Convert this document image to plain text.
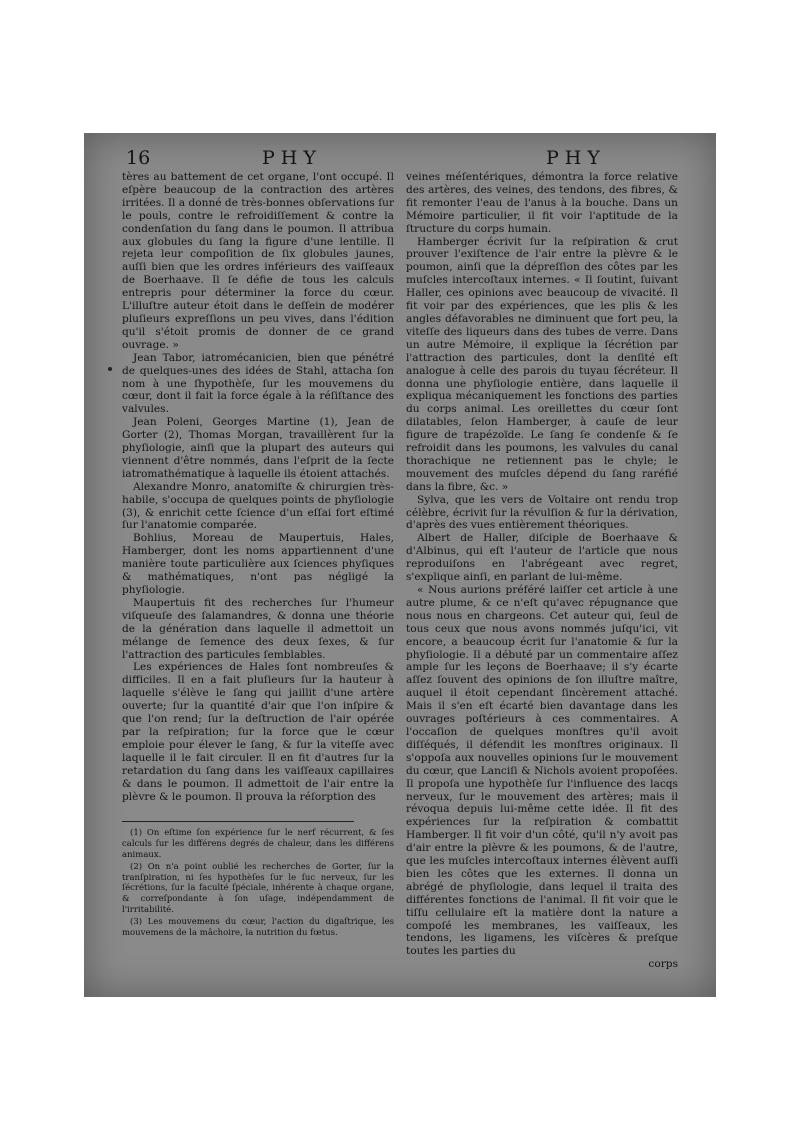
16	PHY	PHY

tères au battement de cet organe, l'ont occupé. Il eſpère beaucoup de la contraction des artères irritées. Il a donné de très-bonnes obſervations ſur le pouls, contre le refroidiſſement & contre la condenſation du ſang dans le poumon. Il attribua aux globules du ſang la figure d'une lentille. Il rejeta leur compoſition de ſix globules jaunes, auſſi bien que les ordres inférieurs des vaiſſeaux de Boerhaave. Il ſe défie de tous les calculs entrepris pour déterminer la force du cœur. L'illuſtre auteur étoit dans le deſſein de modérer pluſieurs expreſſions un peu vives, dans l'édition qu'il s'étoit promis de donner de ce grand ouvrage. »

Jean Tabor, iatromécanicien, bien que pénétré de quelques-unes des idées de Stahl, attacha ſon nom à une ſhypothèſe, ſur les mouvemens du cœur, dont il fait la force égale à la réſiſtance des valvules.

Jean Poleni, Georges Martine (1), Jean de Gorter (2), Thomas Morgan, travaillèrent ſur la phyſiologie, ainſi que la plupart des auteurs qui viennent d'être nommés, dans l'eſprit de la ſecte iatromathématique à laquelle ils étoient attachés.

Alexandre Monro, anatomiſte & chirurgien très-habile, s'occupa de quelques points de phyſiologie (3), & enrichit cette ſcience d'un eſſai fort eſtimé ſur l'anatomie comparée.

Bohlius, Moreau de Maupertuis, Hales, Hamberger, dont les noms appartiennent d'une manière toute particulière aux ſciences phyſiques & mathématiques, n'ont pas négligé la phyſiologie.

Maupertuis fit des recherches ſur l'humeur viſqueuſe des ſalamandres, & donna une théorie de la génération dans laquelle il admettoit un mélange de ſemence des deux ſexes, & ſur l'attraction des particules ſemblables.

Les expériences de Hales ſont nombreuſes & difficiles. Il en a fait pluſieurs ſur la hauteur à laquelle s'élève le ſang qui jaillit d'une artère ouverte; ſur la quantité d'air que l'on inſpire & que l'on rend; ſur la deſtruction de l'air opérée par la reſpiration; ſur la force que le cœur emploie pour élever le ſang, & ſur la viteſſe avec laquelle il le fait circuler. Il en fit d'autres ſur la retardation du ſang dans les vaiſſeaux capillaires & dans le poumon. Il admettoit de l'air entre la plèvre & le poumon. Il prouva la réſorption des

(1) On eſtime ſon expérience ſur le nerf récurrent, & ſes calculs ſur les différens degrés de chaleur, dans les différens animaux.

(2) On n'a point oublié les recherches de Gorter, ſur la tranſpiration, ni ſes hypothèſes ſur le ſuc nerveux, ſur les ſécrétions, ſur la faculté ſpéciale, inhérente à chaque organe, & correſpondante à ſon uſage, indépendamment de l'irritabilité.

(3) Les mouvemens du cœur, l'action du digaſtrique, les mouvemens de la mâchoire, la nutrition du fœtus.

veines méſentériques, démontra la force relative des artères, des veines, des tendons, des fibres, & fit remonter l'eau de l'anus à la bouche. Dans un Mémoire particulier, il fit voir l'aptitude de la ſtructure du corps humain.

Hamberger écrivit ſur la reſpiration & crut prouver l'exiſtence de l'air entre la plèvre & le poumon, ainſi que la dépreſſion des côtes par les muſcles intercoſtaux internes. « Il ſoutint, ſuivant Haller, ces opinions avec beaucoup de vivacité. Il fit voir par des expériences, que les plis & les angles défavorables ne diminuent que fort peu, la viteſſe des liqueurs dans des tubes de verre. Dans un autre Mémoire, il explique la ſécrétion par l'attraction des particules, dont la denſité eſt analogue à celle des parois du tuyau ſécréteur. Il donna une phyſiologie entière, dans laquelle il expliqua mécaniquement les fonctions des parties du corps animal. Les oreillettes du cœur ſont dilatables, ſelon Hamberger, à cauſe de leur figure de trapézoïde. Le ſang ſe condenſe & ſe refroidit dans les poumons, les valvules du canal thorachique ne retiennent pas le chyle; le mouvement des muſcles dépend du ſang raréfié dans la fibre, &c. »

Sylva, que les vers de Voltaire ont rendu trop célèbre, écrivit ſur la révulſion & ſur la dérivation, d'après des vues entièrement théoriques.

Albert de Haller, diſciple de Boerhaave & d'Albinus, qui eſt l'auteur de l'article que nous reproduiſons en l'abrégeant avec regret, s'explique ainſi, en parlant de lui-même.

« Nous aurions préféré laiſſer cet article à une autre plume, & ce n'eſt qu'avec répugnance que nous nous en chargeons. Cet auteur qui, ſeul de tous ceux que nous avons nommés juſqu'ici, vit encore, a beaucoup écrit ſur l'anatomie & ſur la phyſiologie. Il a débuté par un commentaire aſſez ample ſur les leçons de Boerhaave; il s'y écarte aſſez ſouvent des opinions de ſon illuſtre maître, auquel il étoit cependant ſincèrement attaché. Mais il s'en eſt écarté bien davantage dans les ouvrages poſtérieurs à ces commentaires. A l'occaſion de quelques monſtres qu'il avoit diſſéqués, il défendit les monſtres originaux. Il s'oppoſa aux nouvelles opinions ſur le mouvement du cœur, que Lanciſi & Nichols avoient propoſées. Il propoſa une hypothèſe ſur l'influence des lacqs nerveux, ſur le mouvement des artères; mais il révoqua depuis lui-même cette idée. Il fit des expériences ſur la reſpiration & combattit Hamberger. Il fit voir d'un côté, qu'il n'y avoit pas d'air entre la plèvre & les poumons, & de l'autre, que les muſcles intercoſtaux internes élèvent auſſi bien les côtes que les externes. Il donna un abrégé de phyſiologie, dans lequel il traita des différentes fonctions de l'animal. Il fit voir que le tiſſu cellulaire eſt la matière dont la nature a compoſé les membranes, les vaiſſeaux, les tendons, les ligamens, les viſcères & preſque toutes les parties du

corps
